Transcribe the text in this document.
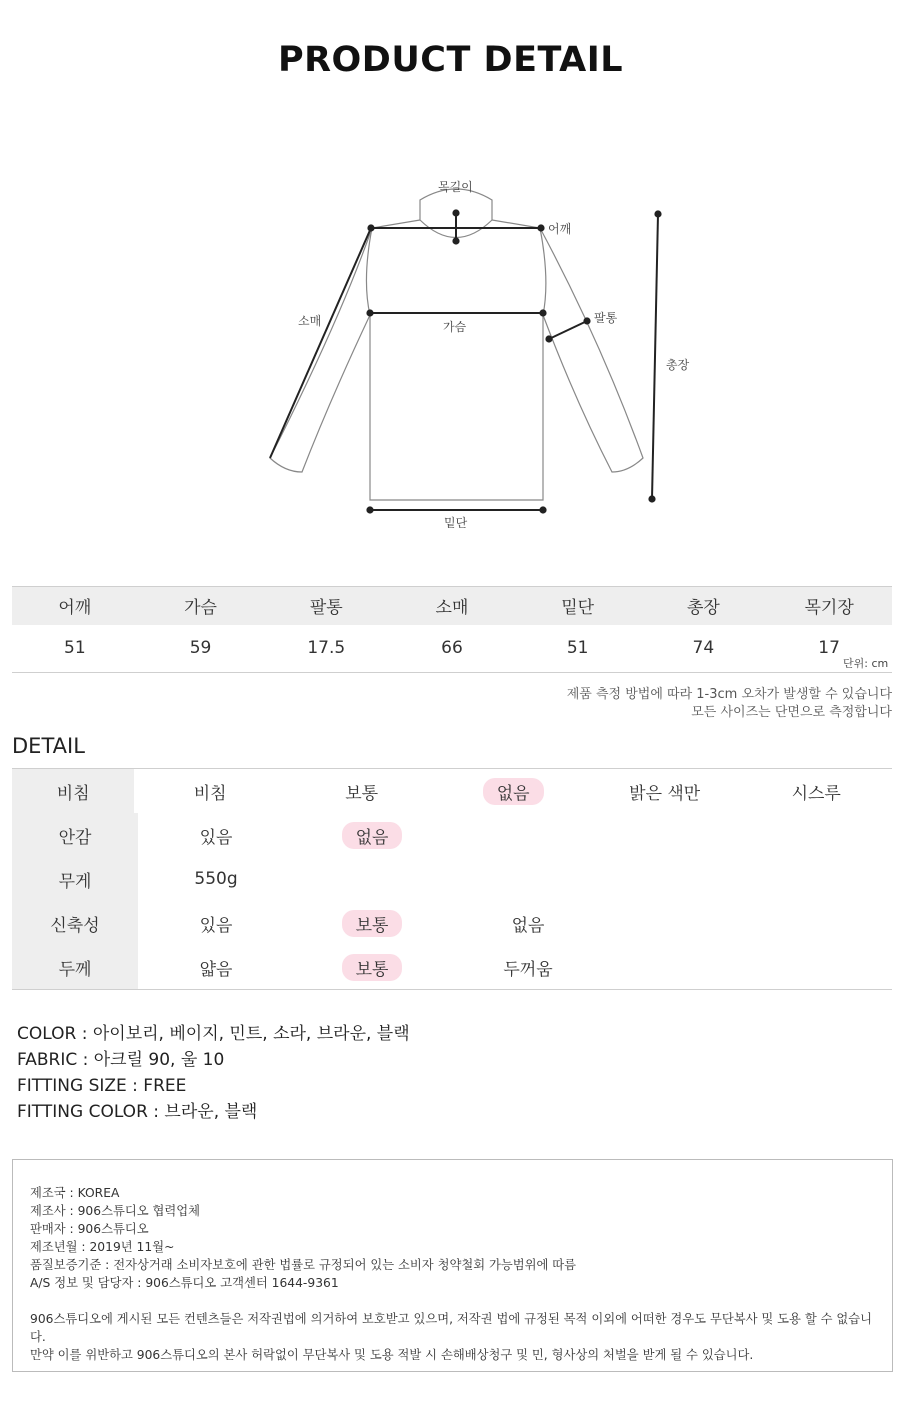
PRODUCT DETAIL
목길이
어깨
소매	가슴
팔통
총장
밑단
어깨	가슴	팔통	소매	밑단	총장	목기장
51	59	17.5	66	51	74	17
단위: cm
제품 측정 방법에 따라 1-3cm 오차가 발생할 수 있습니다
모든 사이즈는 단면으로 측정합니다
DETAIL
비침	비침	보통	없음	밝은 색만	시스루
안감	있음	없음
무게	550g
신축성	있음	보통	없음
두께	얇음	보통	두꺼움
COLOR : 아이보리, 베이지, 민트, 소라, 브라운, 블랙
FABRIC : 아크릴 90, 울 10
FITTING SIZE : FREE
FITTING COLOR : 브라운, 블랙
제조국 : KOREA
제조사 : 906스튜디오 협력업체
판매자 : 906스튜디오
제조년월 : 2019년 11월~
품질보증기준 : 전자상거래 소비자보호에 관한 법률로 규정되어 있는 소비자 청약철회 가능범위에 따름
A/S 정보 및 담당자 : 906스튜디오 고객센터 1644-9361
906스튜디오에 게시된 모든 컨텐츠들은 저작권법에 의거하여 보호받고 있으며, 저작권 법에 규정된 목적 이외에 어떠한 경우도 무단복사 및 도용 할 수 없습니다.
만약 이를 위반하고 906스튜디오의 본사 허락없이 무단복사 및 도용 적발 시 손해배상청구 및 민, 형사상의 처벌을 받게 될 수 있습니다.
